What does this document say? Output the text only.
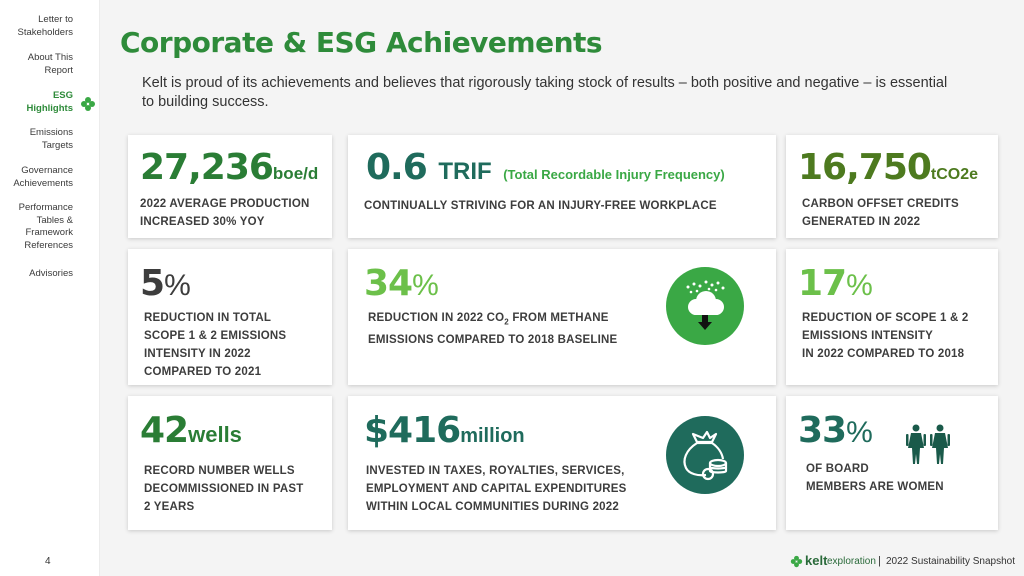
Letter to
Stakeholders
About This
Report
ESG
Highlights
Emissions
Targets
Governance
Achievements
Performance
Tables &
Framework
References
Advisories
4
Corporate & ESG Achievements

Kelt is proud of its achievements and believes that rigorously taking stock of results – both positive and negative – is essential to building success.

27,236boe/d
2022 AVERAGE PRODUCTION
INCREASED 30% YOY
0.6 TRIF (Total Recordable Injury Frequency)
CONTINUALLY STRIVING FOR AN INJURY-FREE WORKPLACE
16,750tCO2e
CARBON OFFSET CREDITS
GENERATED IN 2022
5%
REDUCTION IN TOTAL
SCOPE 1 & 2 EMISSIONS
INTENSITY IN 2022
COMPARED TO 2021
34%
REDUCTION IN 2022 $CO_2$ FROM METHANE
EMISSIONS COMPARED TO 2018 BASELINE
17%
REDUCTION OF SCOPE 1 & 2
EMISSIONS INTENSITY
IN 2022 COMPARED TO 2018
42wells
RECORD NUMBER WELLS
DECOMMISSIONED IN PAST
2 YEARS
$416million
INVESTED IN TAXES, ROYALTIES, SERVICES,
EMPLOYMENT AND CAPITAL EXPENDITURES
WITHIN LOCAL COMMUNITIES DURING 2022
33%
OF BOARD
MEMBERS ARE WOMEN
kelt exploration | 2022 Sustainability Snapshot
